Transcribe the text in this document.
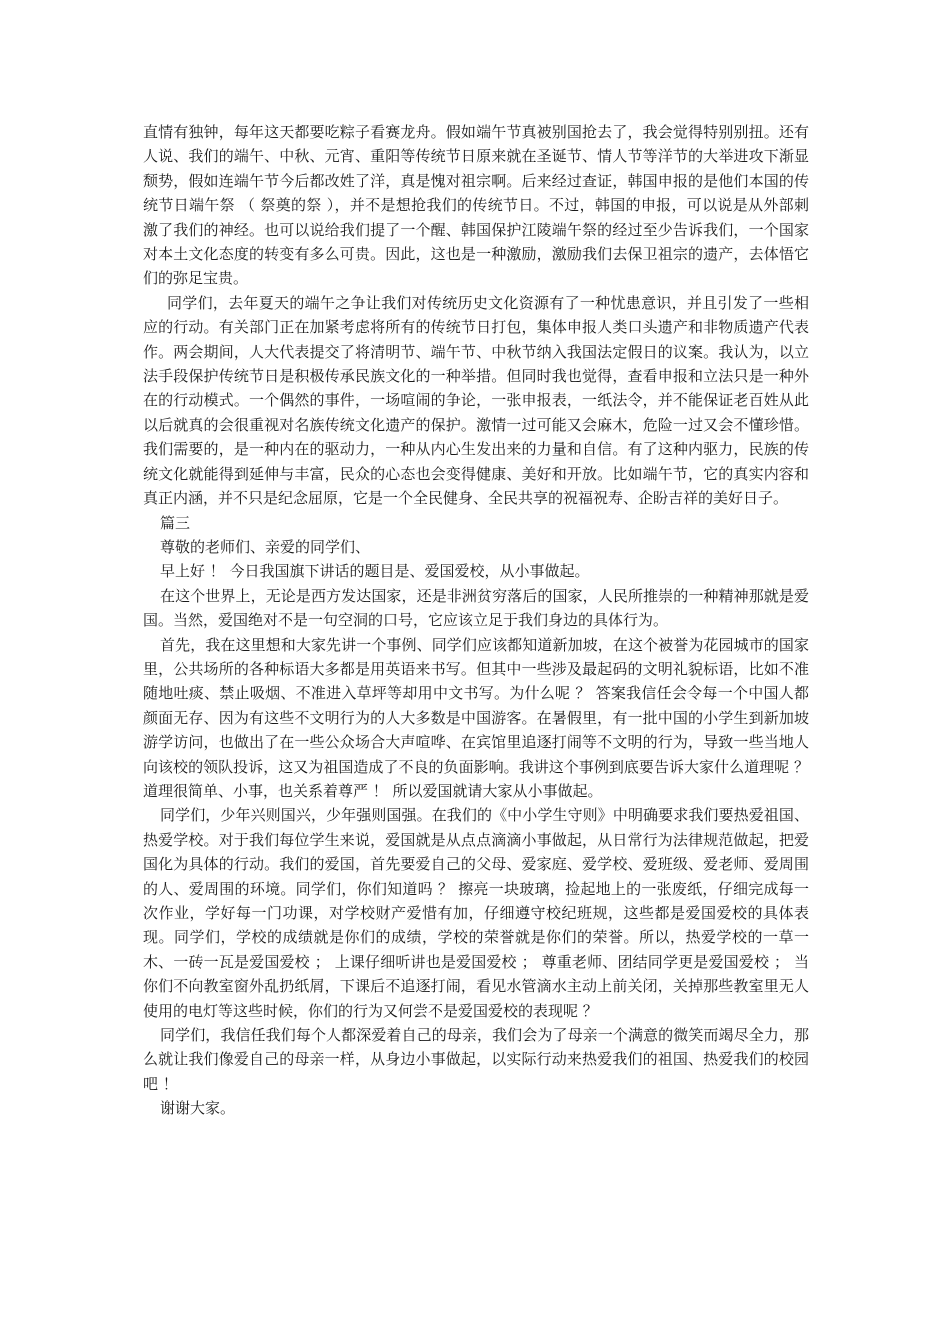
直情有独钟，每年这天都要吃粽子看赛龙舟。假如端午节真被别国抢去了，我会觉得特别别扭。还有人说、我们的端午、中秋、元宵、重阳等传统节日原来就在圣诞节、情人节等洋节的大举进攻下渐显颓势，假如连端午节今后都改姓了洋，真是愧对祖宗啊。后来经过查证，韩国申报的是他们本国的传统节日端午祭 （ 祭奠的祭 ），并不是想抢我们的传统节日。不过，韩国的申报，可以说是从外部刺激了我们的神经。也可以说给我们提了一个醒、韩国保护江陵端午祭的经过至少告诉我们，一个国家对本土文化态度的转变有多么可贵。因此，这也是一种激励，激励我们去保卫祖宗的遗产，去体悟它们的弥足宝贵。

同学们，去年夏天的端午之争让我们对传统历史文化资源有了一种忧患意识，并且引发了一些相应的行动。有关部门正在加紧考虑将所有的传统节日打包，集体申报人类口头遗产和非物质遗产代表作。两会期间，人大代表提交了将清明节、端午节、中秋节纳入我国法定假日的议案。我认为，以立法手段保护传统节日是积极传承民族文化的一种举措。但同时我也觉得，查看申报和立法只是一种外在的行动模式。一个偶然的事件，一场喧闹的争论，一张申报表，一纸法令，并不能保证老百姓从此以后就真的会很重视对名族传统文化遗产的保护。激情一过可能又会麻木，危险一过又会不懂珍惜。我们需要的，是一种内在的驱动力，一种从内心生发出来的力量和自信。有了这种内驱力，民族的传统文化就能得到延伸与丰富，民众的心态也会变得健康、美好和开放。比如端午节，它的真实内容和真正内涵，并不只是纪念屈原，它是一个全民健身、全民共享的祝福祝寿、企盼吉祥的美好日子。

篇三

尊敬的老师们、亲爱的同学们、

早上好 ！ 今日我国旗下讲话的题目是、爱国爱校，从小事做起。

在这个世界上，无论是西方发达国家，还是非洲贫穷落后的国家，人民所推崇的一种精神那就是爱国。当然，爱国绝对不是一句空洞的口号，它应该立足于我们身边的具体行为。

首先，我在这里想和大家先讲一个事例、同学们应该都知道新加坡，在这个被誉为花园城市的国家里，公共场所的各种标语大多都是用英语来书写。但其中一些涉及最起码的文明礼貌标语，比如不准随地吐痰、禁止吸烟、不准进入草坪等却用中文书写。为什么呢 ？ 答案我信任会令每一个中国人都颜面无存、因为有这些不文明行为的人大多数是中国游客。在暑假里，有一批中国的小学生到新加坡游学访问，也做出了在一些公众场合大声喧哗、在宾馆里追逐打闹等不文明的行为，导致一些当地人向该校的领队投诉，这又为祖国造成了不良的负面影响。我讲这个事例到底要告诉大家什么道理呢 ？ 道理很简单、小事，也关系着尊严 ！ 所以爱国就请大家从小事做起。

同学们，少年兴则国兴，少年强则国强。在我们的《中小学生守则》中明确要求我们要热爱祖国、热爱学校。对于我们每位学生来说，爱国就是从点点滴滴小事做起，从日常行为法律规范做起，把爱国化为具体的行动。我们的爱国，首先要爱自己的父母、爱家庭、爱学校、爱班级、爱老师、爱周围的人、爱周围的环境。同学们，你们知道吗 ？ 擦亮一块玻璃，捡起地上的一张废纸，仔细完成每一次作业，学好每一门功课，对学校财产爱惜有加，仔细遵守校纪班规，这些都是爱国爱校的具体表现。同学们，学校的成绩就是你们的成绩，学校的荣誉就是你们的荣誉。所以，热爱学校的一草一木、一砖一瓦是爱国爱校 ； 上课仔细听讲也是爱国爱校 ； 尊重老师、团结同学更是爱国爱校 ； 当你们不向教室窗外乱扔纸屑，下课后不追逐打闹，看见水管滴水主动上前关闭，关掉那些教室里无人使用的电灯等这些时候，你们的行为又何尝不是爱国爱校的表现呢 ？

同学们，我信任我们每个人都深爱着自己的母亲，我们会为了母亲一个满意的微笑而竭尽全力，那么就让我们像爱自己的母亲一样，从身边小事做起，以实际行动来热爱我们的祖国、热爱我们的校园吧 ！

谢谢大家。
